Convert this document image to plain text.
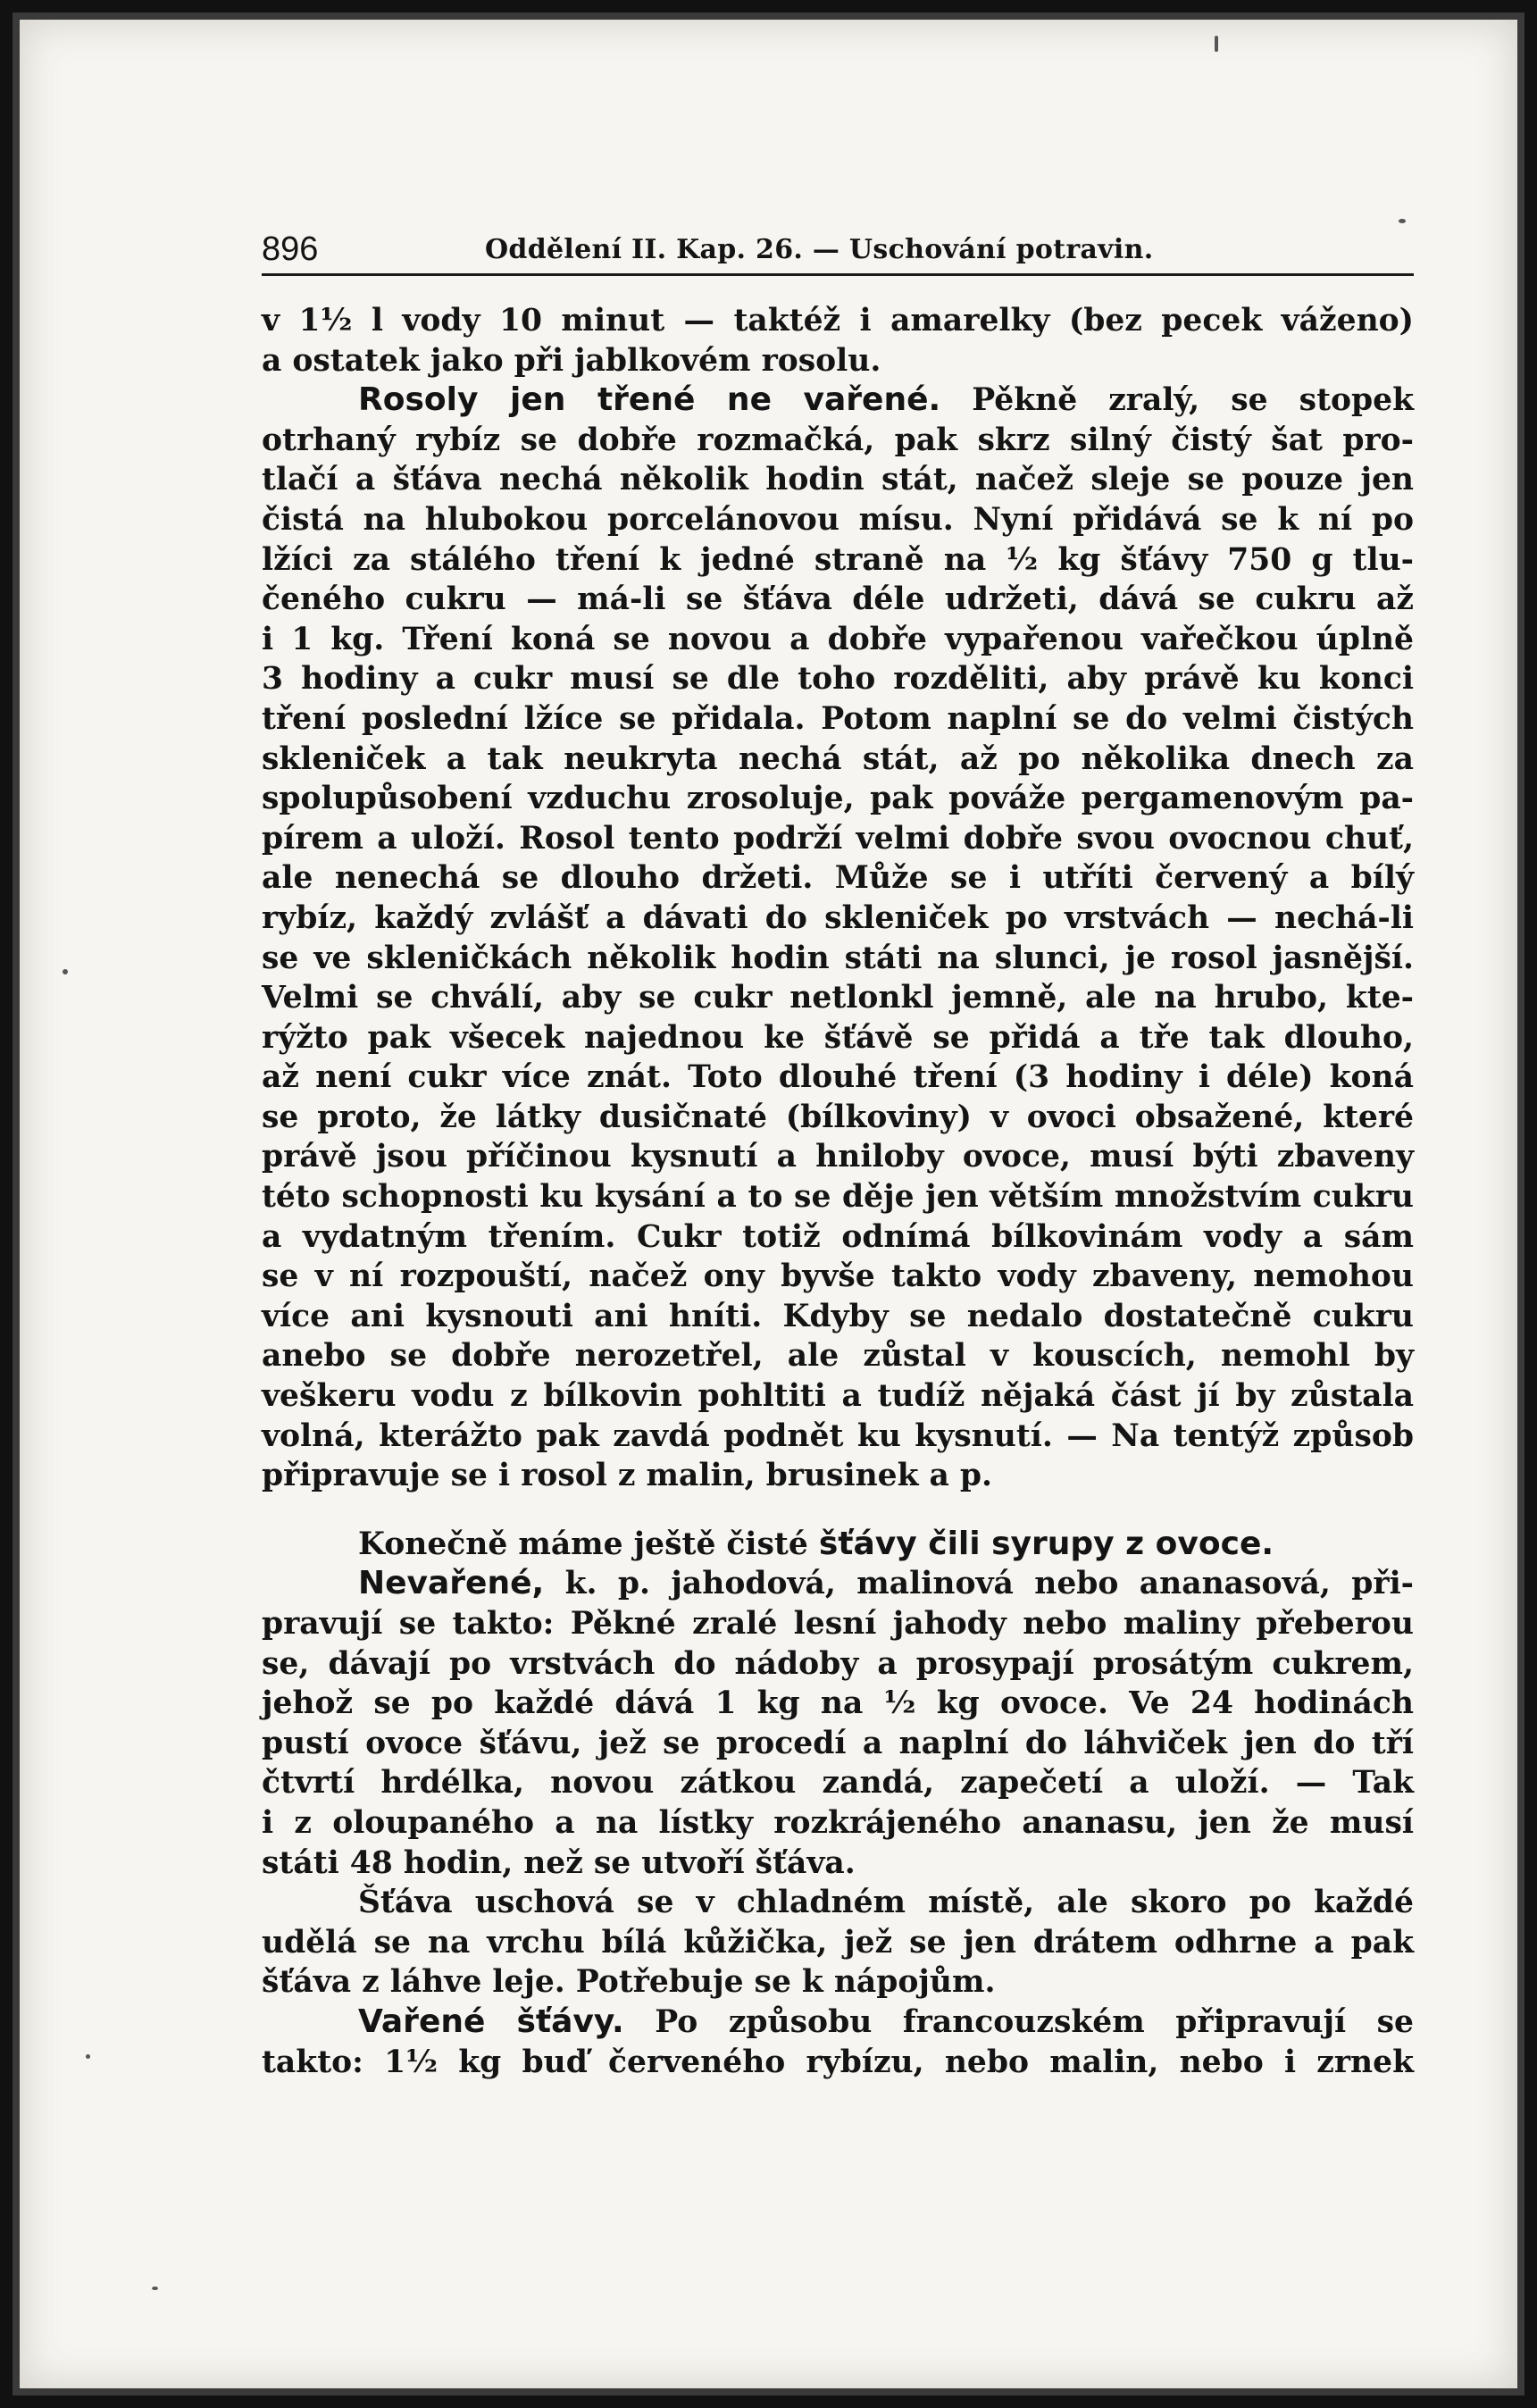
896	Oddělení II. Kap. 26. — Uschování potravin.
v 1½ l vody 10 minut — taktéž i amarelky (bez pecek váženo)
a ostatek jako při jablkovém rosolu.
Rosoly jen třené ne vařené. Pěkně zralý, se stopek
otrhaný rybíz se dobře rozmačká, pak skrz silný čistý šat pro-
tlačí a šťáva nechá několik hodin stát, načež sleje se pouze jen
čistá na hlubokou porcelánovou mísu. Nyní přidává se k ní po
lžíci za stálého tření k jedné straně na ½ kg šťávy 750 g tlu-
čeného cukru — má-li se šťáva déle udržeti, dává se cukru až
i 1 kg. Tření koná se novou a dobře vypařenou vařečkou úplně
3 hodiny a cukr musí se dle toho rozděliti, aby právě ku konci
tření poslední lžíce se přidala. Potom naplní se do velmi čistých
skleniček a tak neukryta nechá stát, až po několika dnech za
spolupůsobení vzduchu zrosoluje, pak pováže pergamenovým pa-
pírem a uloží. Rosol tento podrží velmi dobře svou ovocnou chuť,
ale nenechá se dlouho držeti. Může se i utříti červený a bílý
rybíz, každý zvlášť a dávati do skleniček po vrstvách — nechá-li
se ve skleničkách několik hodin státi na slunci, je rosol jasnější.
Velmi se chválí, aby se cukr netlonkl jemně, ale na hrubo, kte-
rýžto pak všecek najednou ke šťávě se přidá a tře tak dlouho,
až není cukr více znát. Toto dlouhé tření (3 hodiny i déle) koná
se proto, že látky dusičnaté (bílkoviny) v ovoci obsažené, které
právě jsou příčinou kysnutí a hniloby ovoce, musí býti zbaveny
této schopnosti ku kysání a to se děje jen větším množstvím cukru
a vydatným třením. Cukr totiž odnímá bílkovinám vody a sám
se v ní rozpouští, načež ony byvše takto vody zbaveny, nemohou
více ani kysnouti ani hníti. Kdyby se nedalo dostatečně cukru
anebo se dobře nerozetřel, ale zůstal v kouscích, nemohl by
veškeru vodu z bílkovin pohltiti a tudíž nějaká část jí by zůstala
volná, kterážto pak zavdá podnět ku kysnutí. — Na tentýž způsob
připravuje se i rosol z malin, brusinek a p.
Konečně máme ještě čisté šťávy čili syrupy z ovoce.
Nevařené, k. p. jahodová, malinová nebo ananasová, při-
pravují se takto: Pěkné zralé lesní jahody nebo maliny přeberou
se, dávají po vrstvách do nádoby a prosypají prosátým cukrem,
jehož se po každé dává 1 kg na ½ kg ovoce. Ve 24 hodinách
pustí ovoce šťávu, jež se procedí a naplní do láhviček jen do tří
čtvrtí hrdélka, novou zátkou zandá, zapečetí a uloží. — Tak
i z oloupaného a na lístky rozkrájeného ananasu, jen že musí
státi 48 hodin, než se utvoří šťáva.
Šťáva uschová se v chladném místě, ale skoro po každé
udělá se na vrchu bílá kůžička, jež se jen drátem odhrne a pak
šťáva z láhve leje. Potřebuje se k nápojům.
Vařené šťávy. Po způsobu francouzském připravují se
takto: 1½ kg buď červeného rybízu, nebo malin, nebo i zrnek
